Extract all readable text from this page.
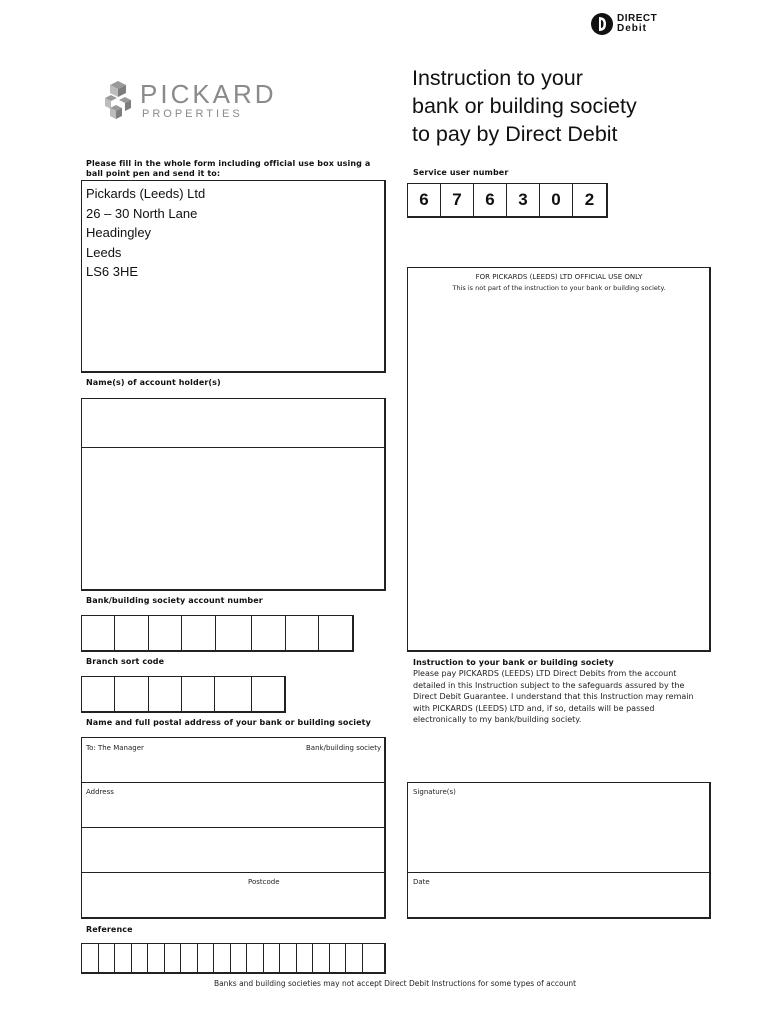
DIRECT
Debit
PICKARD
PROPERTIES
Instruction to your
bank or building society
to pay by Direct Debit
Please fill in the whole form including official use box using a ball point pen and send it to:
Pickards (Leeds) Ltd
26 – 30 North Lane
Headingley
Leeds
LS6 3HE
Service user number
6	7	6	3	0	2
FOR PICKARDS (LEEDS) LTD OFFICIAL USE ONLY
This is not part of the instruction to your bank or building society.
Name(s) of account holder(s)
Bank/building society account number
Branch sort code
Name and full postal address of your bank or building society
To: The Manager	Bank/building society
Address
Postcode
Instruction to your bank or building society
Please pay PICKARDS (LEEDS) LTD Direct Debits from the account detailed in this Instruction subject to the safeguards assured by the Direct Debit Guarantee. I understand that this Instruction may remain with PICKARDS (LEEDS) LTD and, if so, details will be passed electronically to my bank/building society.
Signature(s)
Date
Reference
Banks and building societies may not accept Direct Debit Instructions for some types of account
